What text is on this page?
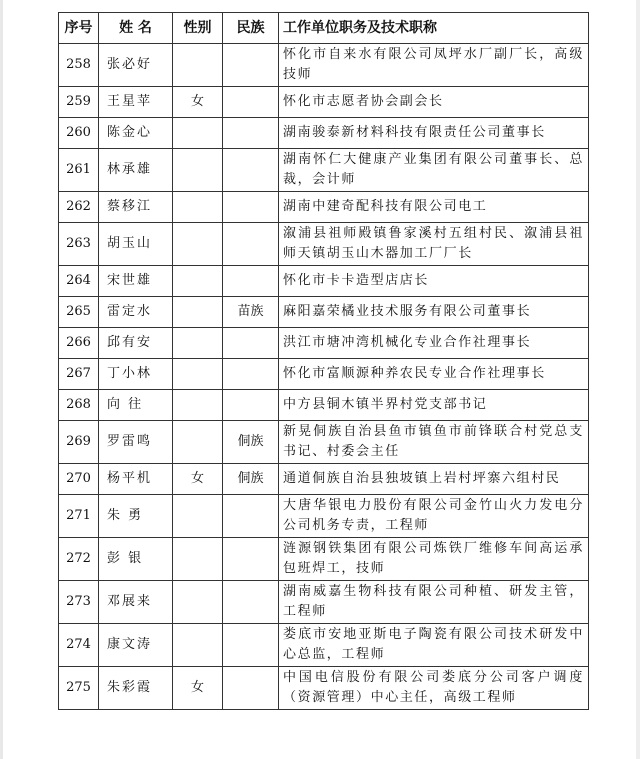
序号	姓 名	性别	民族	工作单位职务及技术职称
258	张必好			怀化市自来水有限公司凤坪水厂副厂长，高级技师
259	王星苹	女		怀化市志愿者协会副会长
260	陈金心			湖南骏泰新材料科技有限责任公司董事长
261	林承雄			湖南怀仁大健康产业集团有限公司董事长、总裁，会计师
262	蔡移江			湖南中建奇配科技有限公司电工
263	胡玉山			溆浦县祖师殿镇鲁家溪村五组村民、溆浦县祖师天镇胡玉山木器加工厂厂长
264	宋世雄			怀化市卡卡造型店店长
265	雷定水		苗族	麻阳嘉荣橘业技术服务有限公司董事长
266	邱有安			洪江市塘冲湾机械化专业合作社理事长
267	丁小林			怀化市富顺源种养农民专业合作社理事长
268	向 往			中方县铜木镇半界村党支部书记
269	罗雷鸣		侗族	新晃侗族自治县鱼市镇鱼市前锋联合村党总支书记、村委会主任
270	杨平机	女	侗族	通道侗族自治县独坡镇上岩村坪寨六组村民
271	朱 勇			大唐华银电力股份有限公司金竹山火力发电分公司机务专责，工程师
272	彭 银			涟源钢铁集团有限公司炼铁厂维修车间高运承包班焊工，技师
273	邓展来			湖南威嘉生物科技有限公司种植、研发主管，工程师
274	康文涛			娄底市安地亚斯电子陶瓷有限公司技术研发中心总监，工程师
275	朱彩霞	女		中国电信股份有限公司娄底分公司客户调度（资源管理）中心主任，高级工程师
